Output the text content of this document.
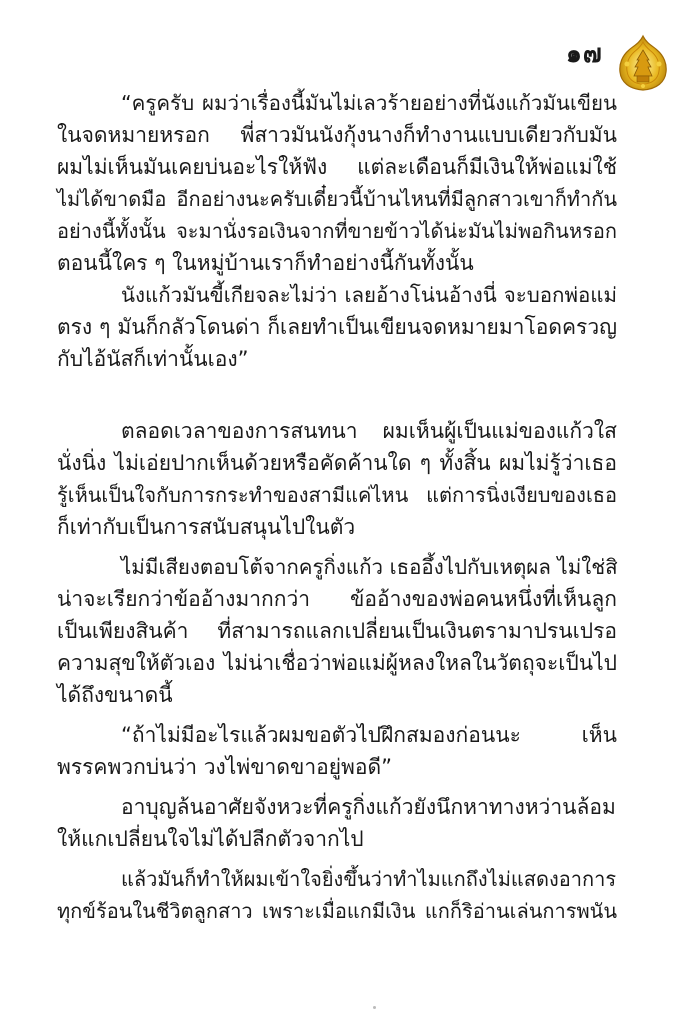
๑๗
“ครูครับ ผมว่าเรื่องนี้มันไม่เลวร้ายอย่างที่นังแก้วมันเขียน
ในจดหมายหรอก พี่สาวมันนังกุ้งนางก็ทำงานแบบเดียวกับมัน
ผมไม่เห็นมันเคยบ่นอะไรให้ฟัง แต่ละเดือนก็มีเงินให้พ่อแม่ใช้
ไม่ได้ขาดมือ อีกอย่างนะครับเดี๋ยวนี้บ้านไหนที่มีลูกสาวเขาก็ทำกัน
อย่างนี้ทั้งนั้น จะมานั่งรอเงินจากที่ขายข้าวได้น่ะมันไม่พอกินหรอก
ตอนนี้ใคร ๆ ในหมู่บ้านเราก็ทำอย่างนี้กันทั้งนั้น
นังแก้วมันขี้เกียจละไม่ว่า เลยอ้างโน่นอ้างนี่ จะบอกพ่อแม่
ตรง ๆ มันก็กลัวโดนด่า ก็เลยทำเป็นเขียนจดหมายมาโอดครวญ
กับไอ้นัสก็เท่านั้นเอง”
ตลอดเวลาของการสนทนา ผมเห็นผู้เป็นแม่ของแก้วใส
นั่งนิ่ง ไม่เอ่ยปากเห็นด้วยหรือคัดค้านใด ๆ ทั้งสิ้น ผมไม่รู้ว่าเธอ
รู้เห็นเป็นใจกับการกระทำของสามีแค่ไหน แต่การนิ่งเงียบของเธอ
ก็เท่ากับเป็นการสนับสนุนไปในตัว
ไม่มีเสียงตอบโต้จากครูกิ่งแก้ว เธออึ้งไปกับเหตุผล ไม่ใช่สิ
น่าจะเรียกว่าข้ออ้างมากกว่า ข้ออ้างของพ่อคนหนึ่งที่เห็นลูก
เป็นเพียงสินค้า ที่สามารถแลกเปลี่ยนเป็นเงินตรามาปรนเปรอ
ความสุขให้ตัวเอง ไม่น่าเชื่อว่าพ่อแม่ผู้หลงใหลในวัตถุจะเป็นไป
ได้ถึงขนาดนี้
“ถ้าไม่มีอะไรแล้วผมขอตัวไปฝึกสมองก่อนนะ เห็น
พรรคพวกบ่นว่า วงไพ่ขาดขาอยู่พอดี”
อาบุญล้นอาศัยจังหวะที่ครูกิ่งแก้วยังนึกหาทางหว่านล้อม
ให้แกเปลี่ยนใจไม่ได้ปลีกตัวจากไป
แล้วมันก็ทำให้ผมเข้าใจยิ่งขึ้นว่าทำไมแกถึงไม่แสดงอาการ
ทุกข์ร้อนในชีวิตลูกสาว เพราะเมื่อแกมีเงิน แกก็ริอ่านเล่นการพนัน
